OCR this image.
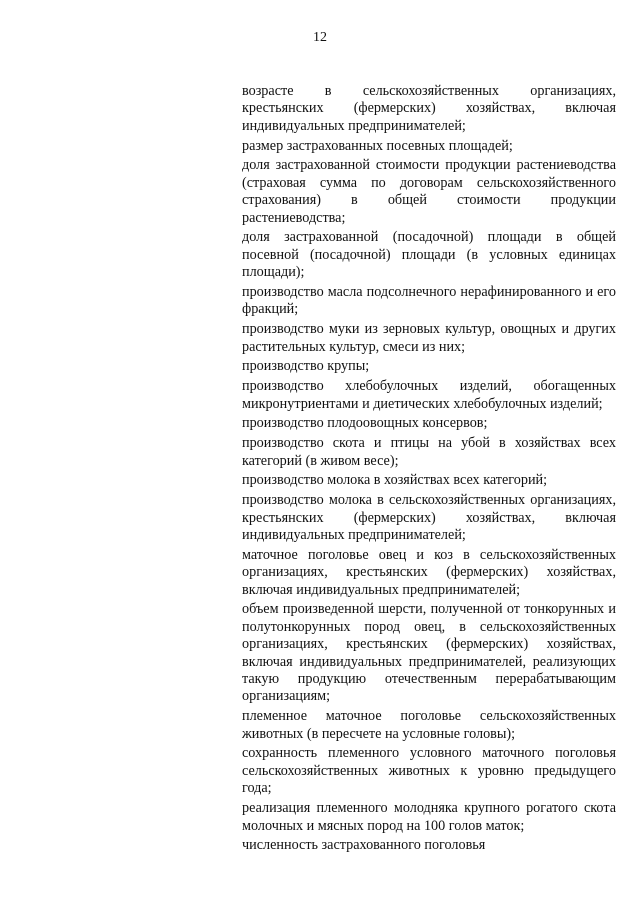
12

возрасте в сельскохозяйственных организациях, крестьянских (фермерских) хозяйствах, включая индивидуальных предпринимателей;

размер застрахованных посевных площадей;

доля застрахованной стоимости продукции растениеводства (страховая сумма по договорам сельскохозяйственного страхования) в общей стоимости продукции растениеводства;

доля застрахованной (посадочной) площади в общей посевной (посадочной) площади (в условных единицах площади);

производство масла подсолнечного нерафинированного и его фракций;

производство муки из зерновых культур, овощных и других растительных культур, смеси из них;

производство крупы;

производство хлебобулочных изделий, обогащенных микронутриентами и диетических хлебобулочных изделий;

производство плодоовощных консервов;

производство скота и птицы на убой в хозяйствах всех категорий (в живом весе);

производство молока в хозяйствах всех категорий;

производство молока в сельскохозяйственных организациях, крестьянских (фермерских) хозяйствах, включая индивидуальных предпринимателей;

маточное поголовье овец и коз в сельскохозяйственных организациях, крестьянских (фермерских) хозяйствах, включая индивидуальных предпринимателей;

объем произведенной шерсти, полученной от тонкорунных и полутонкорунных пород овец, в сельскохозяйственных организациях, крестьянских (фермерских) хозяйствах, включая индивидуальных предпринимателей, реализующих такую продукцию отечественным перерабатывающим организациям;

племенное маточное поголовье сельскохозяйственных животных (в пересчете на условные головы);

сохранность племенного условного маточного поголовья сельскохозяйственных животных к уровню предыдущего года;

реализация племенного молодняка крупного рогатого скота молочных и мясных пород на 100 голов маток;

численность застрахованного поголовья
